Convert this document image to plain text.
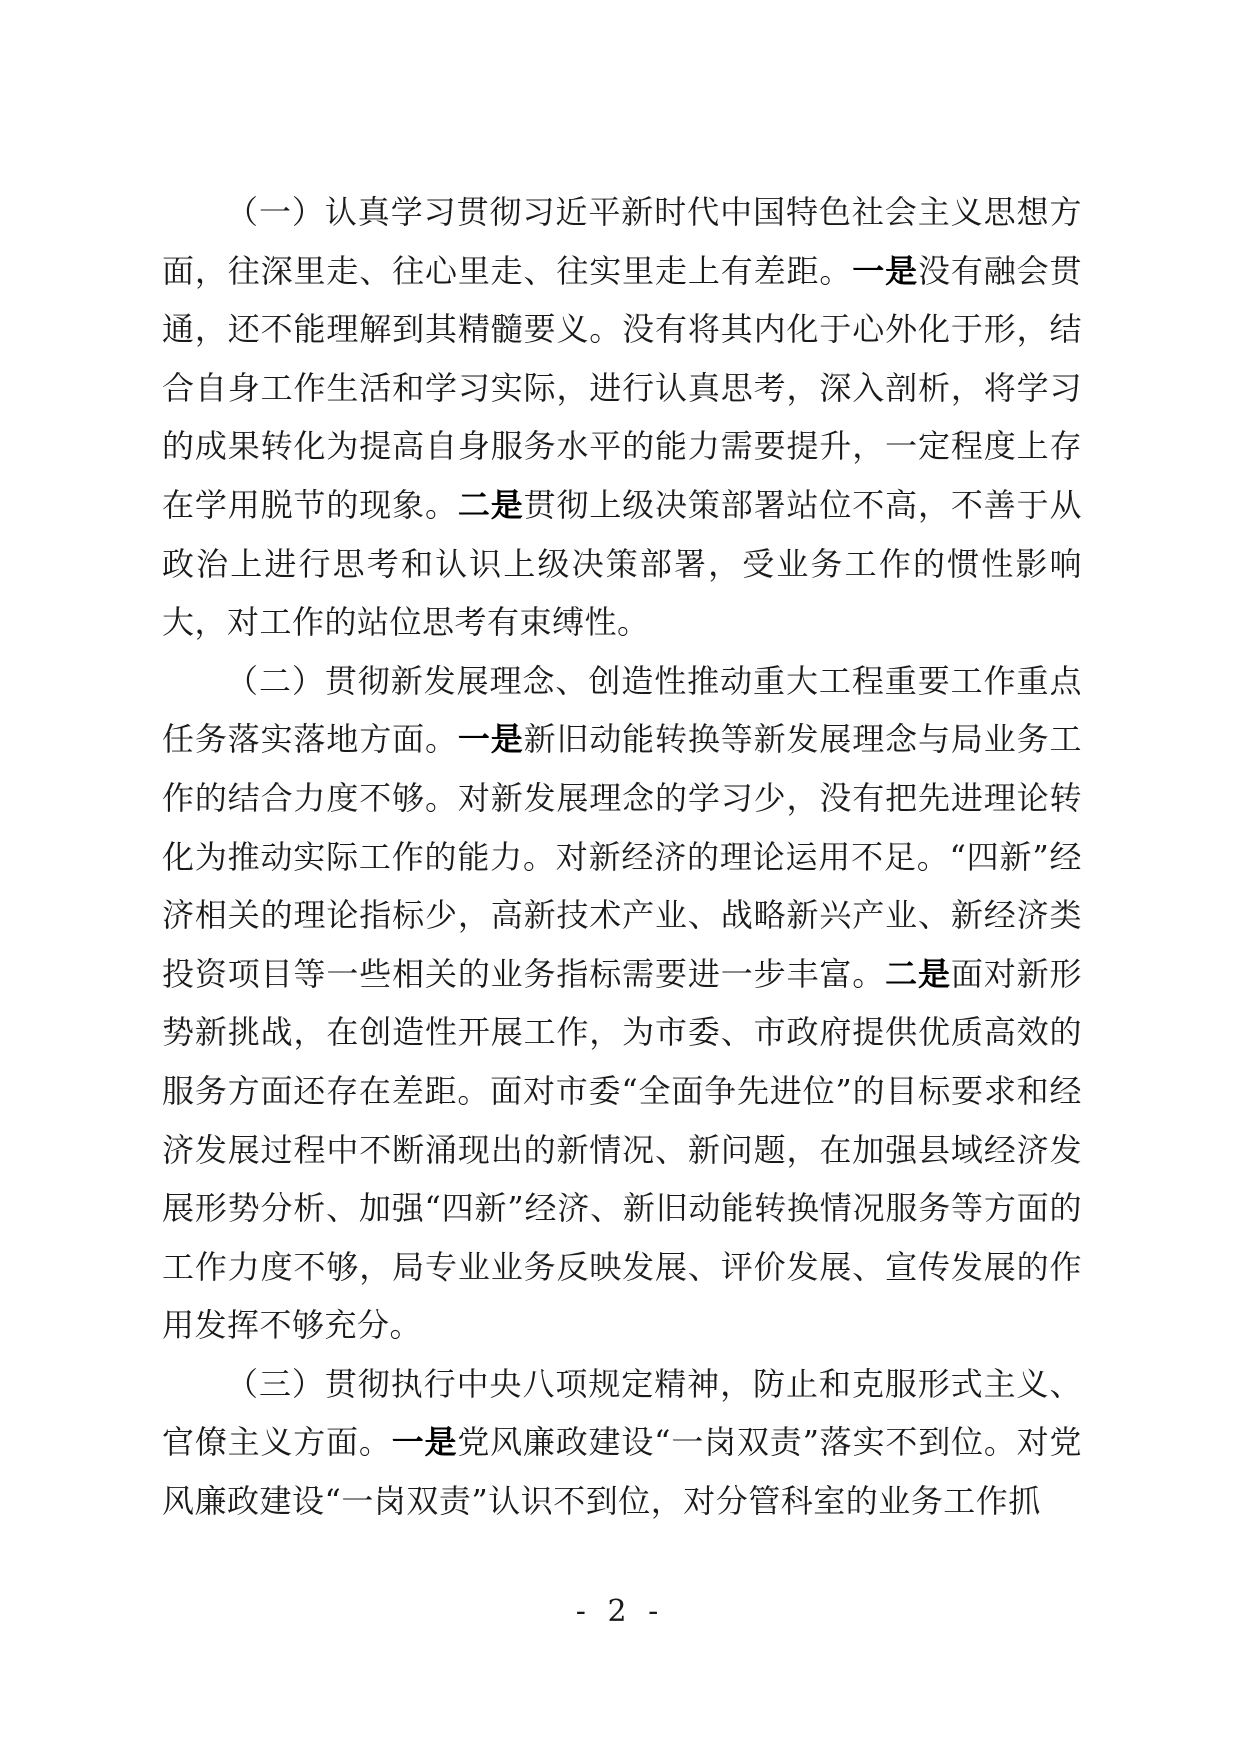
（一）认真学习贯彻习近平新时代中国特色社会主义思想方面，往深里走、往心里走、往实里走上有差距。一是没有融会贯通，还不能理解到其精髓要义。没有将其内化于心外化于形，结合自身工作生活和学习实际，进行认真思考，深入剖析，将学习的成果转化为提高自身服务水平的能力需要提升，一定程度上存在学用脱节的现象。二是贯彻上级决策部署站位不高，不善于从政治上进行思考和认识上级决策部署，受业务工作的惯性影响大，对工作的站位思考有束缚性。

（二）贯彻新发展理念、创造性推动重大工程重要工作重点任务落实落地方面。一是新旧动能转换等新发展理念与局业务工作的结合力度不够。对新发展理念的学习少，没有把先进理论转化为推动实际工作的能力。对新经济的理论运用不足。“四新”经济相关的理论指标少，高新技术产业、战略新兴产业、新经济类投资项目等一些相关的业务指标需要进一步丰富。二是面对新形势新挑战，在创造性开展工作，为市委、市政府提供优质高效的服务方面还存在差距。面对市委“全面争先进位”的目标要求和经济发展过程中不断涌现出的新情况、新问题，在加强县域经济发展形势分析、加强“四新”经济、新旧动能转换情况服务等方面的工作力度不够，局专业业务反映发展、评价发展、宣传发展的作用发挥不够充分。

（三）贯彻执行中央八项规定精神，防止和克服形式主义、官僚主义方面。一是党风廉政建设“一岗双责”落实不到位。对党风廉政建设“一岗双责”认识不到位，对分管科室的业务工作抓

- 2 -
